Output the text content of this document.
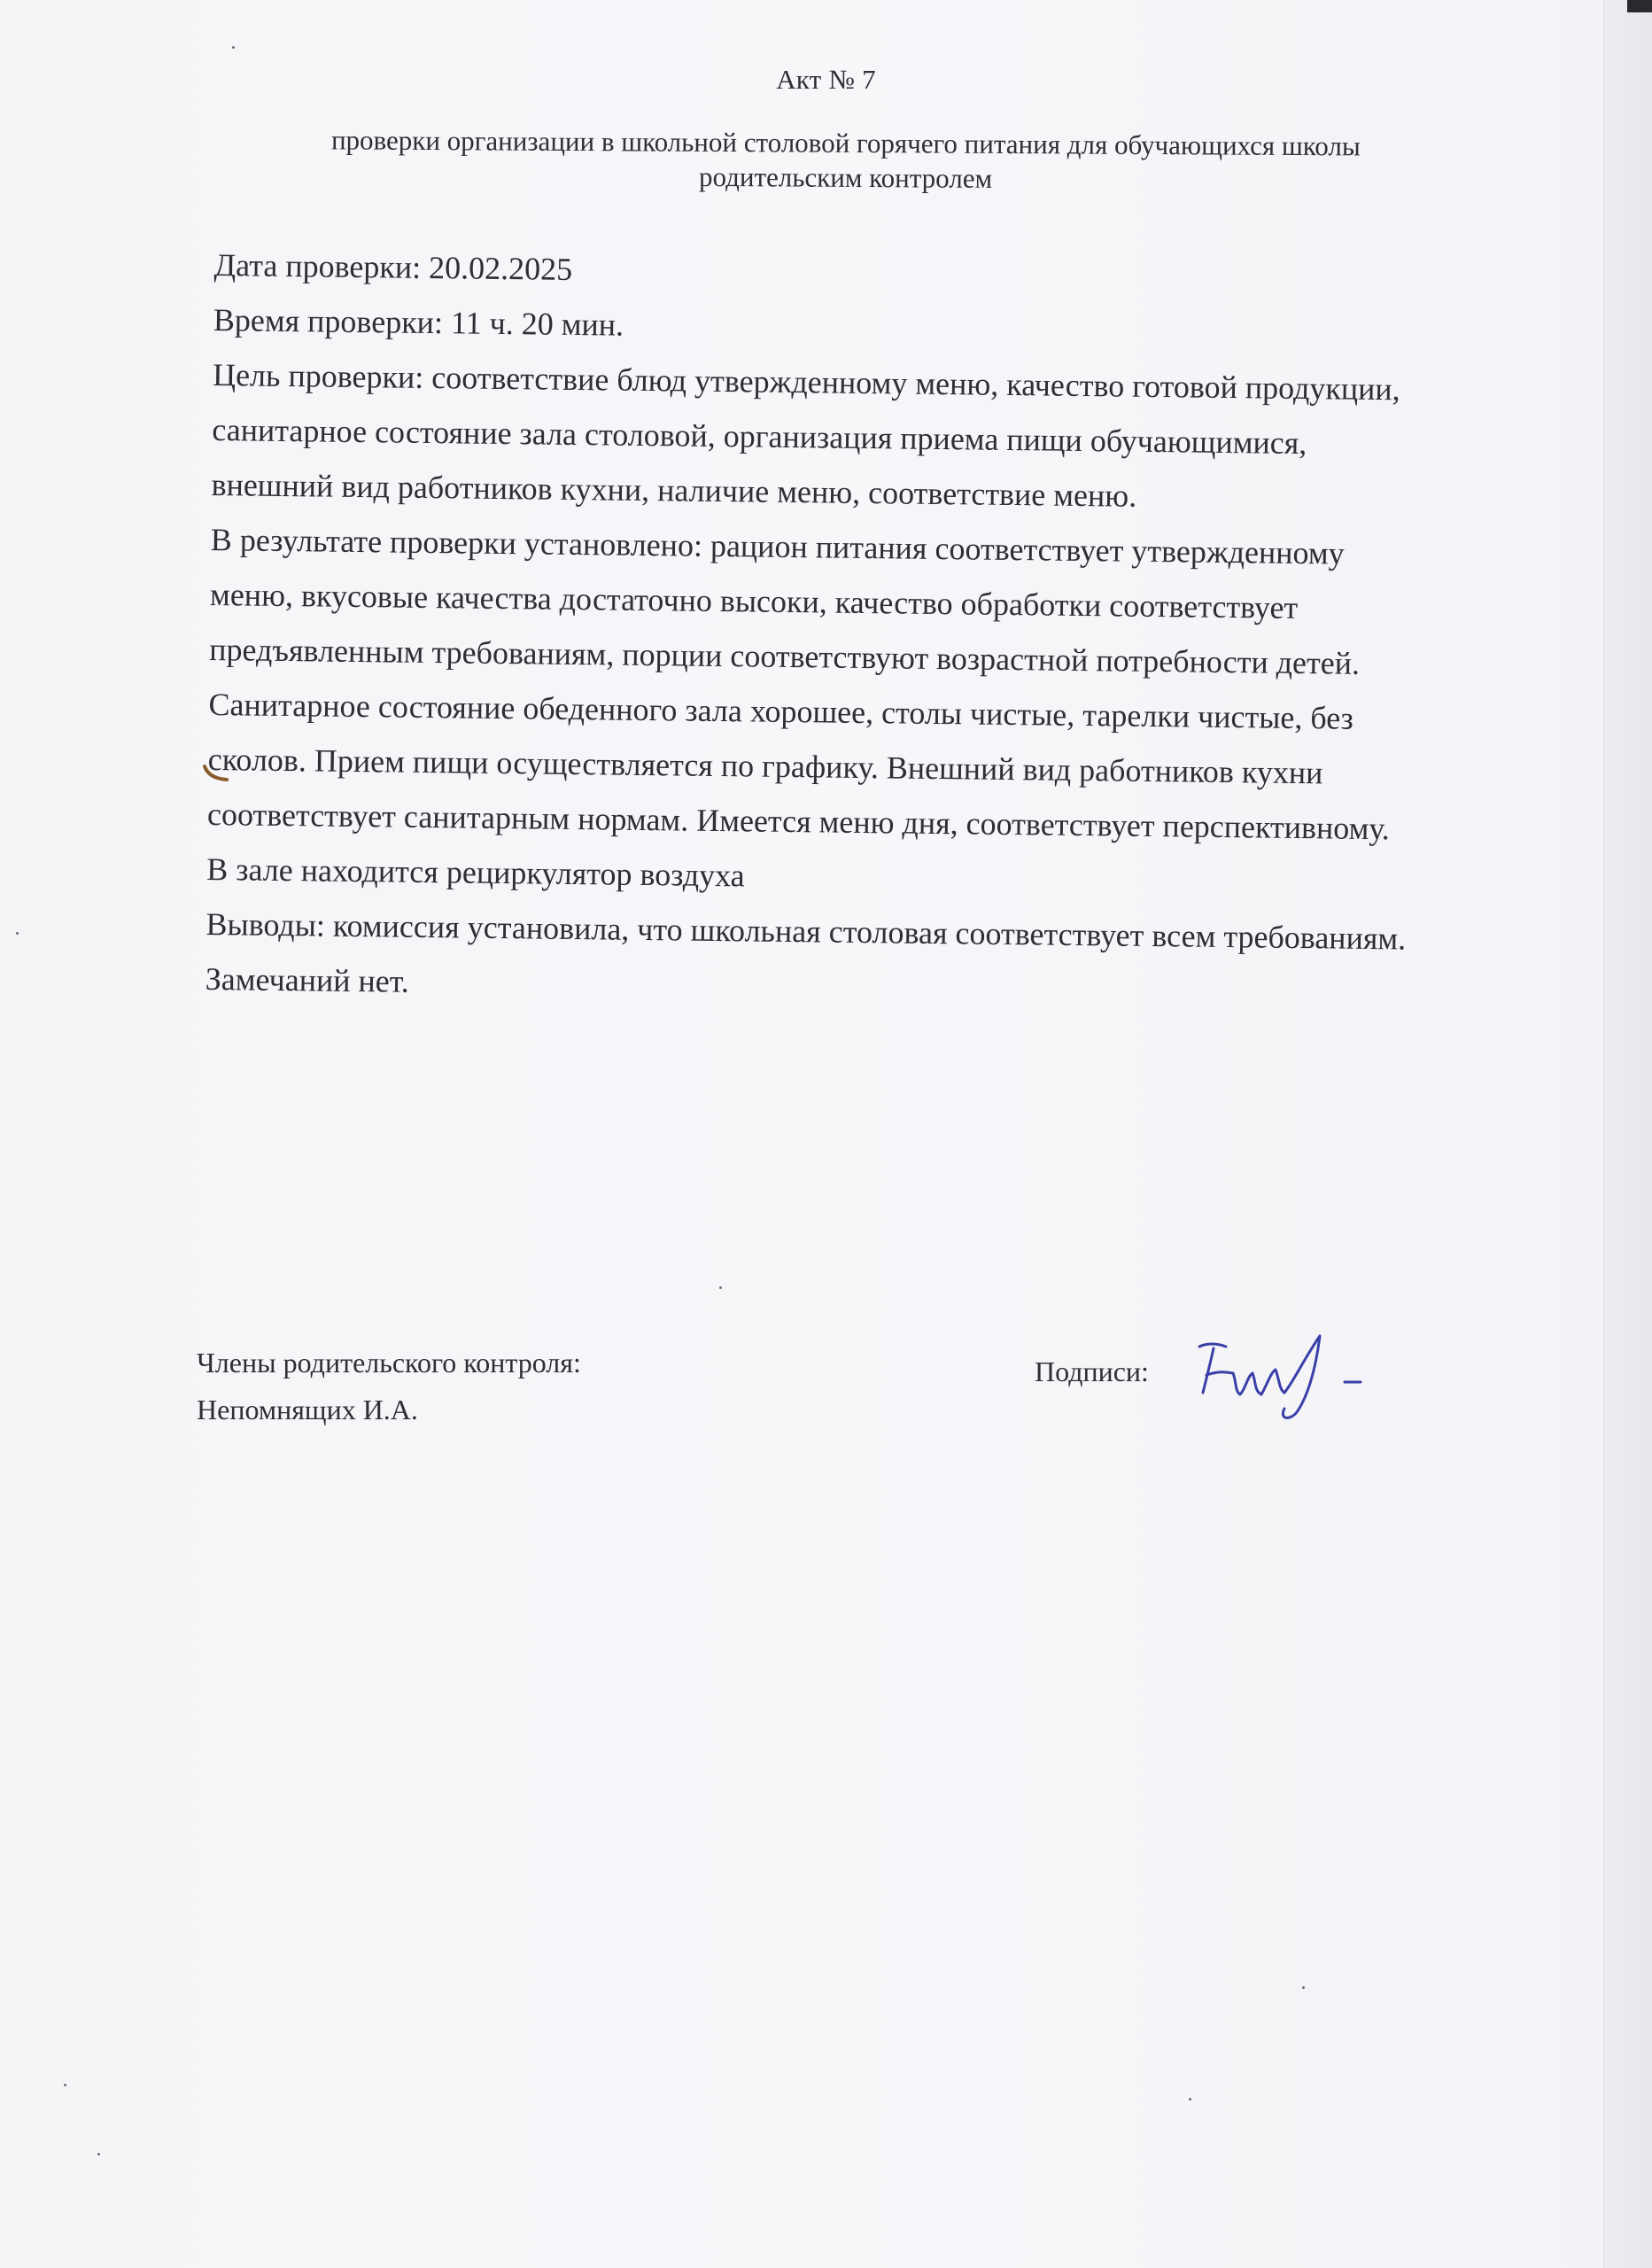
Акт № 7
проверки организации в школьной столовой горячего питания для обучающихся школы родительским контролем

Дата проверки: 20.02.2025

Время проверки: 11 ч. 20 мин.

Цель проверки: соответствие блюд утвержденному меню, качество готовой продукции, санитарное состояние зала столовой, организация приема пищи обучающимися, внешний вид работников кухни, наличие меню, соответствие меню.

В результате проверки установлено: рацион питания соответствует утвержденному меню, вкусовые качества достаточно высоки, качество обработки соответствует предъявленным требованиям, порции соответствуют возрастной потребности детей. Санитарное состояние обеденного зала хорошее, столы чистые, тарелки чистые, без сколов. Прием пищи осуществляется по графику. Внешний вид работников кухни соответствует санитарным нормам. Имеется меню дня, соответствует перспективному.

В зале находится рециркулятор воздуха

Выводы: комиссия установила, что школьная столовая соответствует всем требованиям. Замечаний нет.

Члены родительского контроля:
Непомнящих И.А.
Подписи:
